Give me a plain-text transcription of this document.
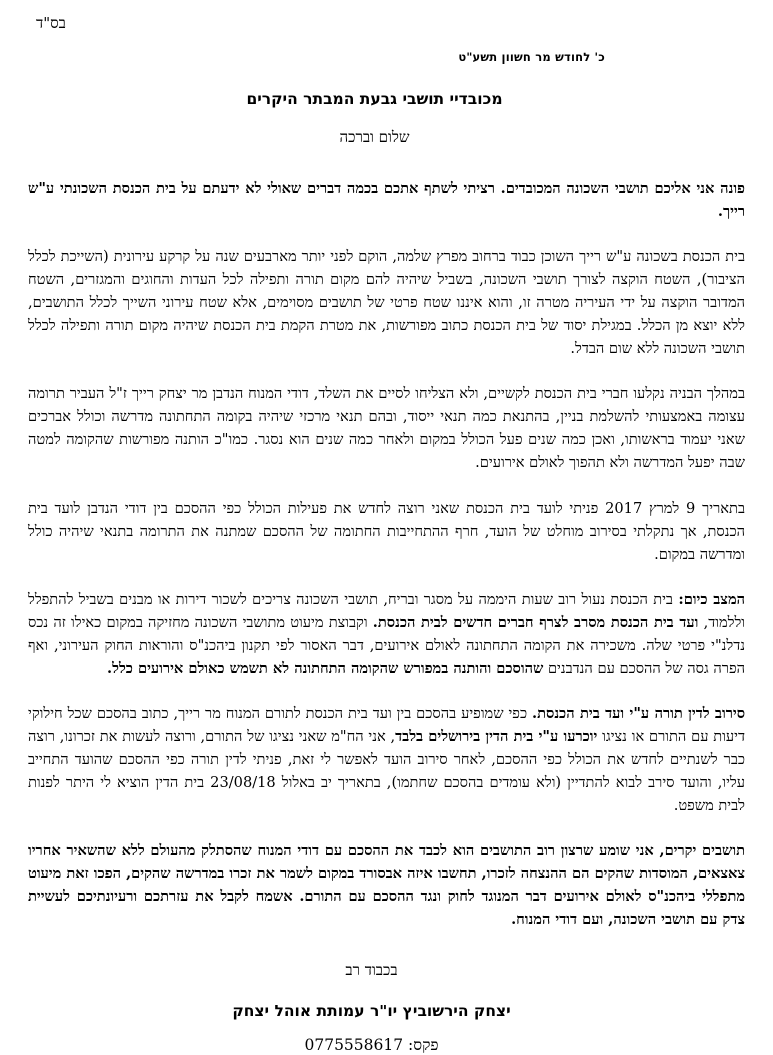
בס"ד
כ' לחודש מר חשוון תשע"ט
מכובדיי תושבי גבעת המבתר היקרים
שלום וברכה

פונה אני אליכם תושבי השכונה המכובדים. רציתי לשתף אתכם בכמה דברים שאולי לא ידעתם על בית הכנסת השכונתי ע"ש רייך.

בית הכנסת בשכונה ע"ש רייך השוכן כבוד ברחוב מפרץ שלמה, הוקם לפני יותר מארבעים שנה על קרקע עירונית (השייכת לכלל הציבור), השטח הוקצה לצורך תושבי השכונה, בשביל שיהיה להם מקום תורה ותפילה לכל העדות והחוגים והמגזרים, השטח המדובר הוקצה על ידי העיריה מטרה זו, והוא איננו שטח פרטי של תושבים מסוימים, אלא שטח עירוני השייך לכלל התושבים, ללא יוצא מן הכלל. במגילת יסוד של בית הכנסת כתוב מפורשות, את מטרת הקמת בית הכנסת שיהיה מקום תורה ותפילה לכלל תושבי השכונה ללא שום הבדל.

במהלך הבניה נקלעו חברי בית הכנסת לקשיים, ולא הצליחו לסיים את השלד, דודי המנוח הנדבן מר יצחק רייך ז"ל העביר תרומה עצומה באמצעותי להשלמת בניין, בהתנאת כמה תנאי ייסוד, ובהם תנאי מרכזי שיהיה בקומה התחתונה מדרשה וכולל אברכים שאני יעמוד בראשותו, ואכן כמה שנים פעל הכולל במקום ולאחר כמה שנים הוא נסגר. כמו"כ הותנה מפורשות שהקומה למטה שבה יפעל המדרשה ולא תהפוך לאולם אירועים.

בתאריך 9 למרץ 2017 פניתי לועד בית הכנסת שאני רוצה לחדש את פעילות הכולל כפי ההסכם בין דודי הנדבן לועד בית הכנסת, אך נתקלתי בסירוב מוחלט של הועד, חרף ההתחייבות החתומה של ההסכם שמתנה את התרומה בתנאי שיהיה כולל ומדרשה במקום.

המצב כיום: בית הכנסת נעול רוב שעות היממה על מסגר ובריח, תושבי השכונה צריכים לשכור דירות או מבנים בשביל להתפלל וללמוד, ועד בית הכנסת מסרב לצרף חברים חדשים לבית הכנסת. וקבוצת מיעוט מתושבי השכונה מחזיקה במקום כאילו זה נכס נדלנ"י פרטי שלה. משכירה את הקומה התחתונה לאולם אירועים, דבר האסור לפי תקנון ביהכנ"ס והוראות החוק העירוני, ואף הפרה גסה של ההסכם עם הנדבנים שהוסכם והותנה במפורש שהקומה התחתונה לא תשמש כאולם אירועים כלל.

סירוב לדין תורה ע"י ועד בית הכנסת. כפי שמופיע בהסכם בין ועד בית הכנסת לתורם המנוח מר רייך, כתוב בהסכם שכל חילוקי דיעות עם התורם או נציגו יוכרעו ע"י בית הדין בירושלים בלבד, אני הח"מ שאני נציגו של התורם, ורוצה לעשות את זכרונו, רוצה כבר לשנתיים לחדש את הכולל כפי ההסכם, לאחר סירוב הועד לאפשר לי זאת, פניתי לדין תורה כפי ההסכם שהועד התחייב עליו, והועד סירב לבוא להתדיין (ולא עומדים בהסכם שחתמו), בתאריך יב באלול 23/08/18 בית הדין הוציא לי היתר לפנות לבית משפט.

תושבים יקרים, אני שומע שרצון רוב התושבים הוא לכבד את ההסכם עם דודי המנוח שהסתלק מהעולם ללא שהשאיר אחריו צאצאים, המוסדות שהקים הם ההנצחה לזכרו, תחשבו איזה אבסורד במקום לשמר את זכרו במדרשה שהקים, הפכו זאת מיעוט מתפללי ביהכנ"ס לאולם אירועים דבר המנוגד לחוק ונגד ההסכם עם התורם. אשמח לקבל את עזרתכם ורעיונתיכם לעשיית צדק עם תושבי השכונה, ועם דודי המנוח.

בכבוד רב
יצחק הירשוביץ יו"ר עמותת אוהל יצחק
פקס: 0775558617
